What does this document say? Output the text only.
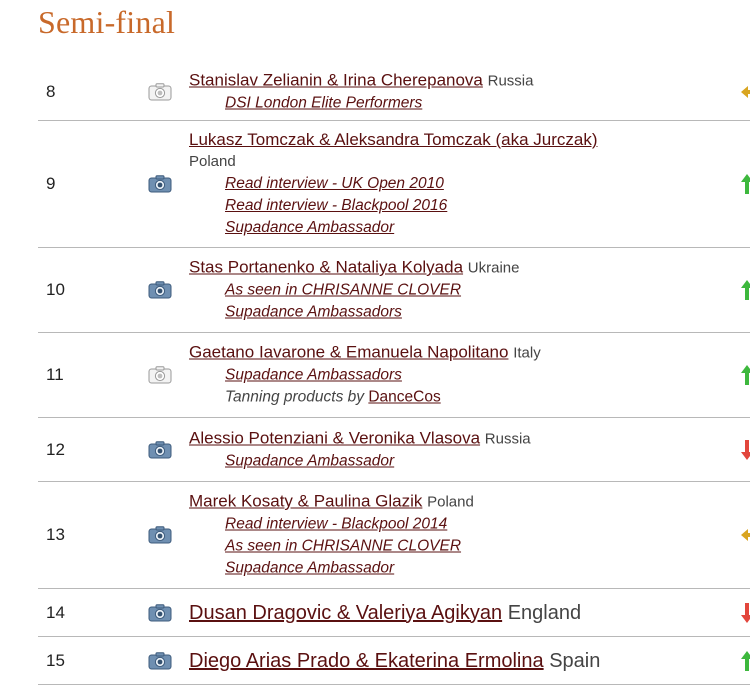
Semi-final
8
Stanislav Zelianin & Irina Cherepanova Russia
DSI London Elite Performers
9
Lukasz Tomczak & Aleksandra Tomczak (aka Jurczak)
Poland
Read interview - UK Open 2010
Read interview - Blackpool 2016
Supadance Ambassador
10
Stas Portanenko & Nataliya Kolyada Ukraine
As seen in CHRISANNE CLOVER
Supadance Ambassadors
11
Gaetano Iavarone & Emanuela Napolitano Italy
Supadance Ambassadors
Tanning products by DanceCos
12
Alessio Potenziani & Veronika Vlasova Russia
Supadance Ambassador
13
Marek Kosaty & Paulina Glazik Poland
Read interview - Blackpool 2014
As seen in CHRISANNE CLOVER
Supadance Ambassador
14	Dusan Dragovic & Valeriya Agikyan England
15	Diego Arias Prado & Ekaterina Ermolina Spain
